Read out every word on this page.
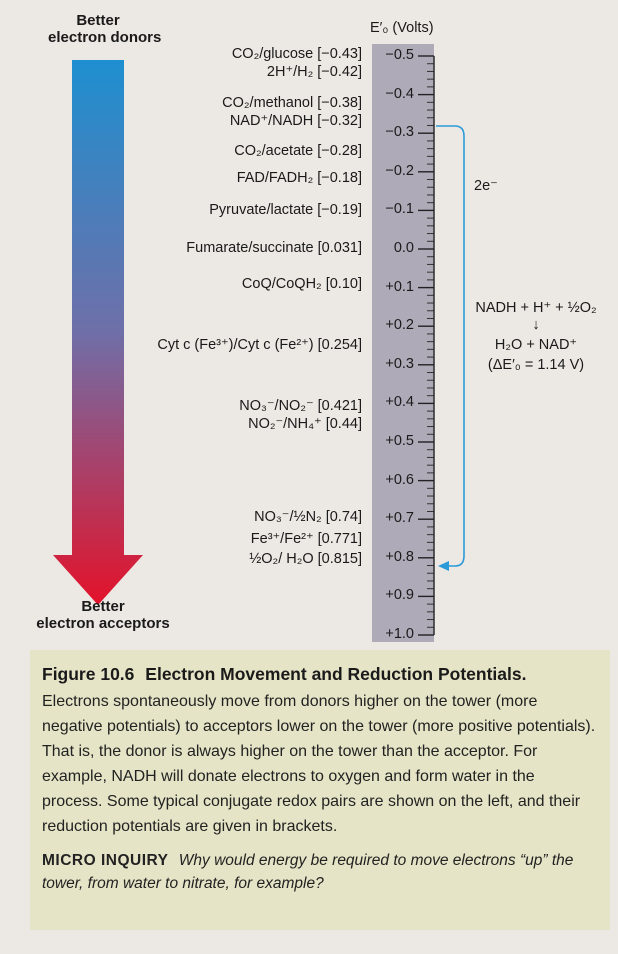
Better
electron donors
Better
electron acceptors
E′₀ (Volts)
−0.5
−0.4
−0.3
−0.2
−0.1
0.0
+0.1
+0.2
+0.3
+0.4
+0.5
+0.6
+0.7
+0.8
+0.9
+1.0
CO₂/glucose [−0.43]
2H⁺/H₂ [−0.42]
CO₂/methanol [−0.38]
NAD⁺/NADH [−0.32]
CO₂/acetate [−0.28]
FAD/FADH₂ [−0.18]
Pyruvate/lactate [−0.19]
Fumarate/succinate [0.031]
CoQ/CoQH₂ [0.10]
Cyt c (Fe³⁺)/Cyt c (Fe²⁺) [0.254]
NO₃⁻/NO₂⁻ [0.421]
NO₂⁻/NH₄⁺ [0.44]
NO₃⁻/½N₂ [0.74]
Fe³⁺/Fe²⁺ [0.771]
½O₂/ H₂O [0.815]
2e⁻
NADH + H⁺ + ½O₂
↓
H₂O + NAD⁺
(ΔE′₀ = 1.14 V)
Figure 10.6 Electron Movement and Reduction Potentials.
Electrons spontaneously move from donors higher on the tower (more negative potentials) to acceptors lower on the tower (more positive potentials). That is, the donor is always higher on the tower than the acceptor. For example, NADH will donate electrons to oxygen and form water in the process. Some typical conjugate redox pairs are shown on the left, and their reduction potentials are given in brackets.
MICRO INQUIRY Why would energy be required to move electrons “up” the tower, from water to nitrate, for example?
